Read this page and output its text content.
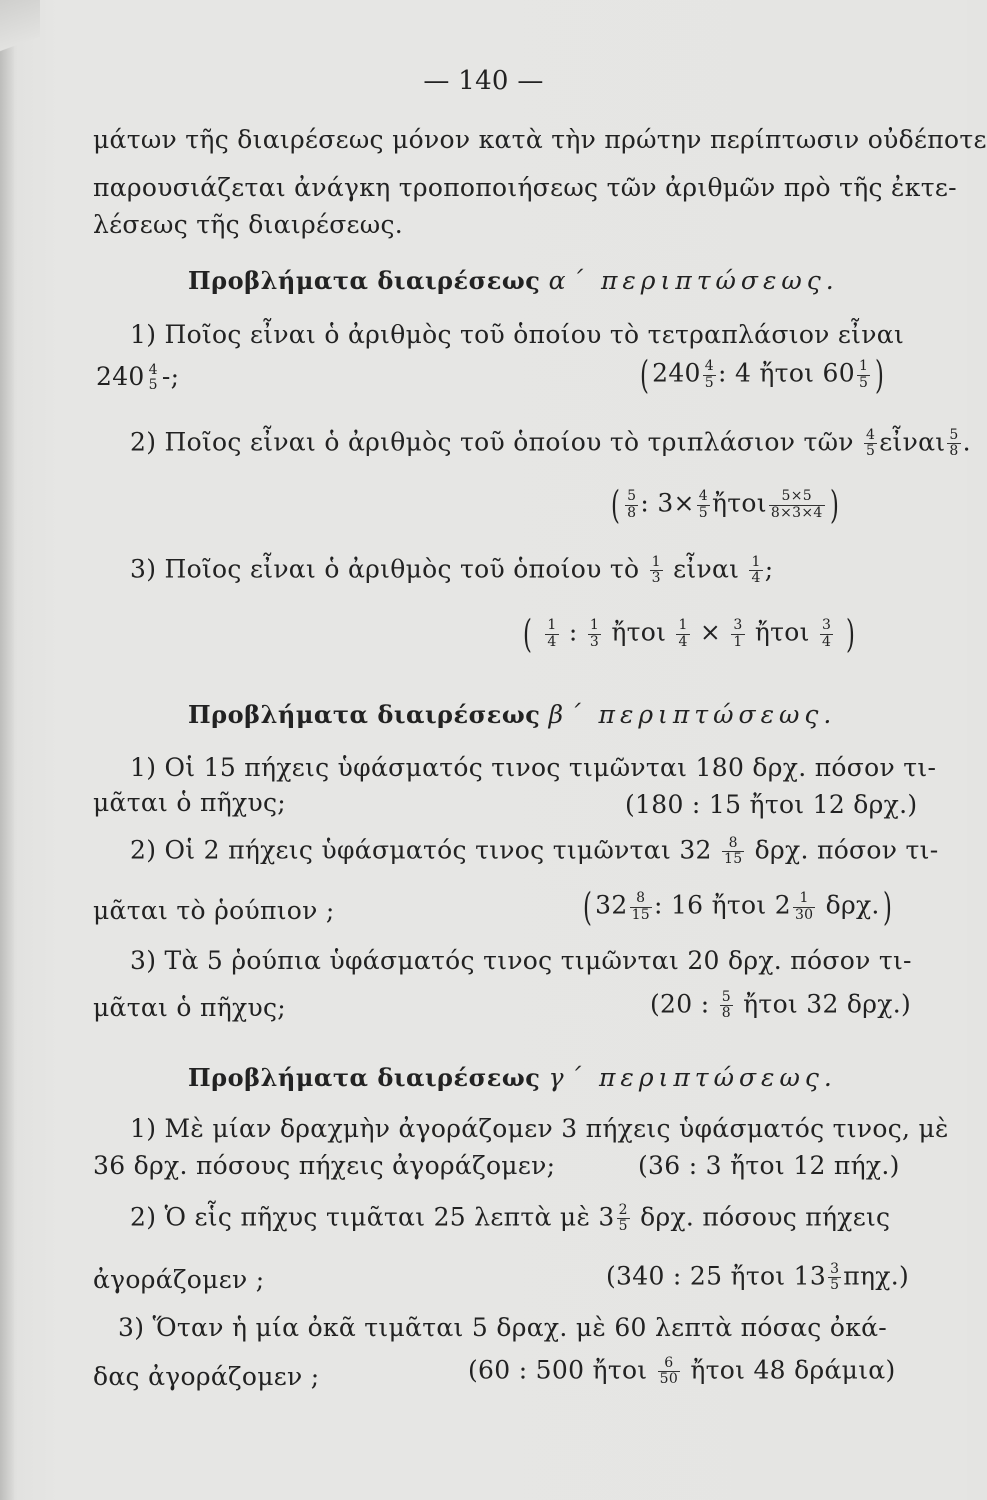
— 140 —
μάτων τῆς διαιρέσεως μόνον κατὰ τὴν πρώτην περίπτωσιν οὐδέποτε
παρουσιάζεται ἀνάγκη τροποποιήσεως τῶν ἀριθμῶν πρὸ τῆς ἐκτε-
λέσεως τῆς διαιρέσεως.
Προβλήματα διαιρέσεως α΄ περιπτώσεως.
1) Ποῖος εἶναι ὁ ἀριθμὸς τοῦ ὁποίου τὸ τετραπλάσιον εἶναι
240 4
5 -;	( $240 \frac{4}{5}$ : 4 ἤτοι $60 \frac{1}{5}$ )
2) Ποῖος εἶναι ὁ ἀριθμὸς τοῦ ὁποίου τὸ τριπλάσιον τῶν $\frac{4}{5}$ εἶναι $\frac{5}{8}$ .
( $\frac{5}{8}$ : $3\times \frac{4}{5}$ ἤτοι $\frac{5\times 5}{8\times 3\times 4}$ )
3) Ποῖος εἶναι ὁ ἀριθμὸς τοῦ ὁποίου τὸ $\frac{1}{3}$ εἶναι $\frac{1}{4}$ ;
( $\frac{1}{4}$ : $\frac{1}{3}$ ἤτοι $\frac{1}{4} \times \frac{3}{1}$ ἤτοι $\frac{3}{4}$ )
Προβλήματα διαιρέσεως β΄ περιπτώσεως.
1) Οἱ 15 πήχεις ὑφάσματός τινος τιμῶνται 180 δρχ. πόσον τι-
μᾶται ὁ πῆχυς;	(180 : 15 ἤτοι 12 δρχ.)
2) Οἱ 2 πήχεις ὑφάσματός τινος τιμῶνται $32 \frac{8}{15} \delta\rho\chi$. πόσον τι-
μᾶται τὸ ῥούπιον ;	( $32 \frac{8}{15}$ : 16 ἤτοι $2 \frac{1}{30} \delta\rho\chi$.)
3) Τὰ 5 ῥούπια ὑφάσματός τινος τιμῶνται 20 δρχ. πόσον τι-
μᾶται ὁ πῆχυς;	(20 : $\frac{5}{8}$ ἤτοι 32 δρχ.)
Προβλήματα διαιρέσεως γ΄ περιπτώσεως.
1) Μὲ μίαν δραχμὴν ἀγοράζομεν 3 πήχεις ὑφάσματός τινος, μὲ
36 δρχ. πόσους πήχεις ἀγοράζομεν;	(36 : 3 ἤτοι 12 πήχ.)
2) Ὁ εἷς πῆχυς τιμᾶται 25 λεπτὰ μὲ $3 \frac{2}{5} \delta\rho\chi$. πόσους πήχεις
ἀγοράζομεν ;	(340 : 25 ἤτοι $13 \frac{3}{5} \pi\eta\chi$.)
3) Ὅταν ἡ μία ὀκᾶ τιμᾶται 5 δραχ. μὲ 60 λεπτὰ πόσας ὀκά-
δας ἀγοράζομεν ;	(60 : 500 ἤτοι $\frac{6}{50}$ ἤτοι 48 δράμια)
